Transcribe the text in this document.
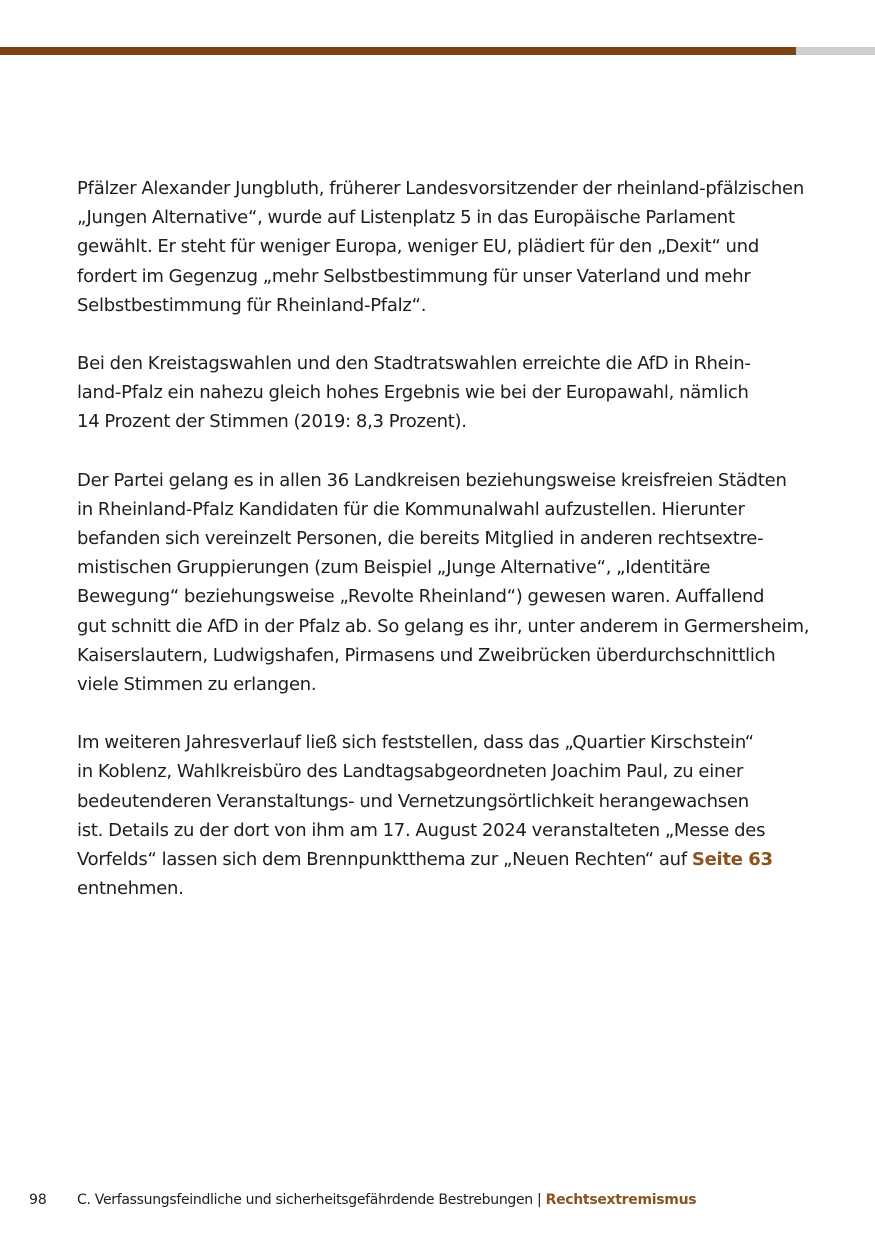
Pfälzer Alexander Jungbluth, früherer Landesvorsitzender der rheinland-pfälzischen
„Jungen Alternative“, wurde auf Listenplatz 5 in das Europäische Parlament
gewählt. Er steht für weniger Europa, weniger EU, plädiert für den „Dexit“ und
fordert im Gegenzug „mehr Selbstbestimmung für unser Vaterland und mehr
Selbstbestimmung für Rheinland-Pfalz“.

Bei den Kreistagswahlen und den Stadtratswahlen erreichte die AfD in Rhein-
land-Pfalz ein nahezu gleich hohes Ergebnis wie bei der Europawahl, nämlich
14 Prozent der Stimmen (2019: 8,3 Prozent).

Der Partei gelang es in allen 36 Landkreisen beziehungsweise kreisfreien Städten
in Rheinland-Pfalz Kandidaten für die Kommunalwahl aufzustellen. Hierunter
befanden sich vereinzelt Personen, die bereits Mitglied in anderen rechtsextre-
mistischen Gruppierungen (zum Beispiel „Junge Alternative“, „Identitäre
Bewegung“ beziehungsweise „Revolte Rheinland“) gewesen waren. Auffallend
gut schnitt die AfD in der Pfalz ab. So gelang es ihr, unter anderem in Germersheim,
Kaiserslautern, Ludwigshafen, Pirmasens und Zweibrücken überdurchschnittlich
viele Stimmen zu erlangen.

Im weiteren Jahresverlauf ließ sich feststellen, dass das „Quartier Kirschstein“
in Koblenz, Wahlkreisbüro des Landtagsabgeordneten Joachim Paul, zu einer
bedeutenderen Veranstaltungs- und Vernetzungsörtlichkeit herangewachsen
ist. Details zu der dort von ihm am 17. August 2024 veranstalteten „Messe des
Vorfelds“ lassen sich dem Brennpunktthema zur „Neuen Rechten“ auf Seite 63
entnehmen.

98 C. Verfassungsfeindliche und sicherheitsgefährdende Bestrebungen | Rechtsextremismus
